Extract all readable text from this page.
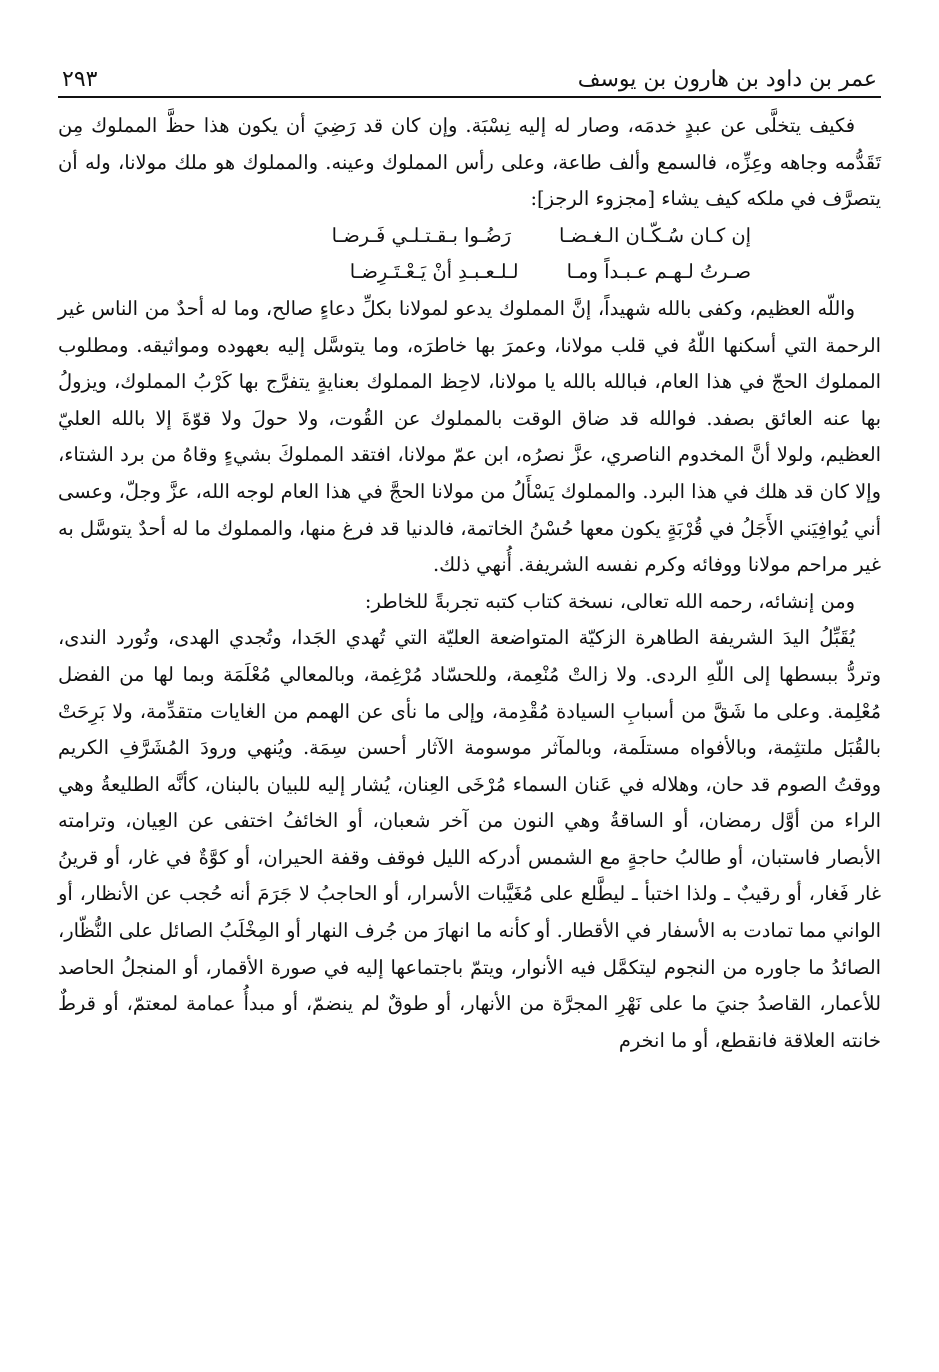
عمر بن داود بن هارون بن يوسف
٢٩٣

فكيف يتخلَّى عن عبدٍ خدمَه، وصار له إليه نِسْبَة. وإن كان قد رَضِيَ أن يكون هذا حظَّ المملوك مِن تَقَدُّمه وجاهه وعِزِّه، فالسمع وألف طاعة، وعلى رأس المملوك وعينه. والمملوك هو ملك مولانا، وله أن يتصرَّف في ملكه كيف يشاء [مجزوء الرجز]:

إن كـان سُـكّـان الـغـضـا
رَضُـوا بـقـتـلـي فَـرضـا
صـرتُ لـهـم عـبـداً ومـا
لـلـعـبـدِ أنْ يَـعْـتَـرِضـا

واللّه العظيم، وكفى بالله شهيداً، إنَّ المملوك يدعو لمولانا بكلِّ دعاءٍ صالح، وما له أحدٌ من الناس غير الرحمة التي أسكنها اللّهُ في قلب مولانا، وعمرَ بها خاطرَه، وما يتوسَّل إليه بعهوده ومواثيقه. ومطلوب المملوك الحجّ في هذا العام، فبالله بالله يا مولانا، لاحِظ المملوك بعنايةٍ يتفرَّج بها كَرْبُ المملوك، ويزولُ بها عنه العائق بصفد. فوالله قد ضاق الوقت بالمملوك عن القُوت، ولا حولَ ولا قوّةَ إلا بالله العليّ العظيم، ولولا أنَّ المخدوم الناصري، عزَّ نصرُه، ابن عمّ مولانا، افتقد المملوكَ بشيءٍ وقاهُ من برد الشتاء، وإلا كان قد هلك في هذا البرد. والمملوك يَسْأَلُ من مولانا الحجَّ في هذا العام لوجه الله، عزَّ وجلّ، وعسى أني يُوافِيَني الأَجَلُ في قُرْبَةٍ يكون معها حُسْنُ الخاتمة، فالدنيا قد فرغ منها، والمملوك ما له أحدٌ يتوسَّل به غير مراحم مولانا ووفائه وكرم نفسه الشريفة. أُنهي ذلك.

ومن إنشائه، رحمه الله تعالى، نسخة كتاب كتبه تجربةً للخاطر:

يُقَبِّلُ اليدَ الشريفة الطاهرة الزكيّة المتواضعة العليّة التي تُهدي الجَدا، وتُجدي الهدى، وتُورد الندى، وتردُّ ببسطها إلى اللّهِ الردى. ولا زالتْ مُنْعِمة، وللحسّاد مُرْغِمة، وبالمعالي مُعْلَمَة وبما لها من الفضل مُعْلِمة. وعلى ما شَقَّ من أسبابِ السيادة مُقْدِمة، وإلى ما نأى عن الهمم من الغايات متقدِّمة، ولا بَرِحَتْ بالقُبَل ملتثِمة، وبالأفواه مستلَمة، وبالمآثر موسومة الآثار أحسن سِمَة. ويُنهي ورودَ المُشَرَّفِ الكريم ووقتُ الصوم قد حان، وهلاله في عَنان السماء مُرْخَى العِنان، يُشار إليه للبيان بالبنان، كأنَّه الطليعةُ وهي الراء من أوَّل رمضان، أو الساقةُ وهي النون من آخر شعبان، أو الخائفُ اختفى عن العِيان، وترامته الأبصار فاستبان، أو طالبُ حاجةٍ مع الشمس أدركه الليل فوقف وقفة الحيران، أو كوَّةٌ في غار، أو قرينُ غار فَغار، أو رقيبٌ ـ ولذا اختبأ ـ ليطَّلع على مُغَيَّبات الأسرار، أو الحاجبُ لا جَرَمَ أنه حُجب عن الأنظار، أو الواني مما تمادت به الأسفار في الأقطار. أو كأنه ما انهارَ من جُرف النهار أو المِخْلَبُ الصائل على النُّظّار، الصائدُ ما جاوره من النجوم ليتكمَّل فيه الأنوار، ويتمّ باجتماعها إليه في صورة الأقمار، أو المنجلُ الحاصد للأعمار، القاصدُ جنيَ ما على نَهْرِ المجرَّة من الأنهار، أو طوقٌ لم ينضمّ، أو مبدأُ عمامة لمعتمّ، أو قرطٌ خانته العلاقة فانقطع، أو ما انخرم
